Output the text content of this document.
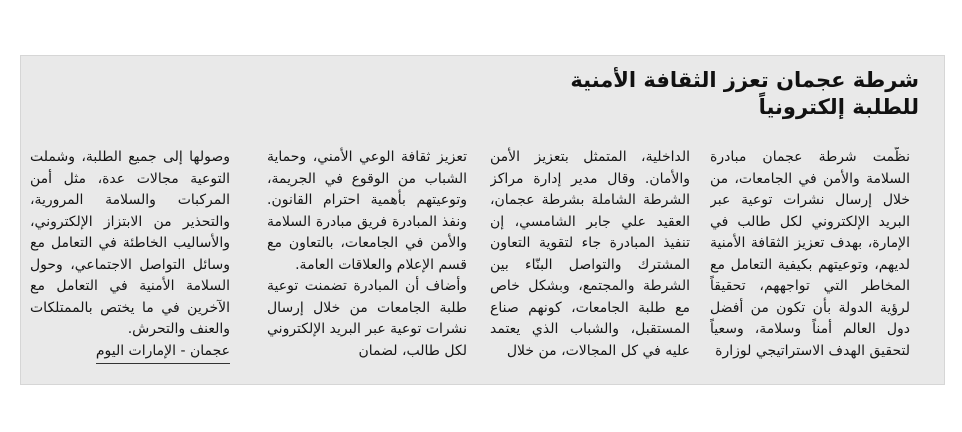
شرطة عجمان تعزز الثقافة الأمنية
للطلبة إلكترونياً

نظّمت شرطة عجمان مبادرة السلامة والأمن في الجامعات، من خلال إرسال نشرات توعية عبر البريد الإلكتروني لكل طالب في الإمارة، بهدف تعزيز الثقافة الأمنية لديهم، وتوعيتهم بكيفية التعامل مع المخاطر التي تواجههم، تحقيقاً لرؤية الدولة بأن تكون من أفضل دول العالم أمناً وسلامة، وسعياً لتحقيق الهدف الاستراتيجي لوزارة

الداخلية، المتمثل بتعزيز الأمن والأمان. وقال مدير إدارة مراكز الشرطة الشاملة بشرطة عجمان، العقيد علي جابر الشامسي، إن تنفيذ المبادرة جاء لتقوية التعاون المشترك والتواصل البنّاء بين الشرطة والمجتمع، وبشكل خاص مع طلبة الجامعات، كونهم صناع المستقبل، والشباب الذي يعتمد عليه في كل المجالات، من خلال

تعزيز ثقافة الوعي الأمني، وحماية الشباب من الوقوع في الجريمة، وتوعيتهم بأهمية احترام القانون. ونفذ المبادرة فريق مبادرة السلامة والأمن في الجامعات، بالتعاون مع قسم الإعلام والعلاقات العامة.

وأضاف أن المبادرة تضمنت توعية طلبة الجامعات من خلال إرسال نشرات توعية عبر البريد الإلكتروني لكل طالب، لضمان

وصولها إلى جميع الطلبة، وشملت التوعية مجالات عدة، مثل أمن المركبات والسلامة المرورية، والتحذير من الابتزاز الإلكتروني، والأساليب الخاطئة في التعامل مع وسائل التواصل الاجتماعي، وحول السلامة الأمنية في التعامل مع الآخرين في ما يختص بالممتلكات والعنف والتحرش.

عجمان - الإمارات اليوم
